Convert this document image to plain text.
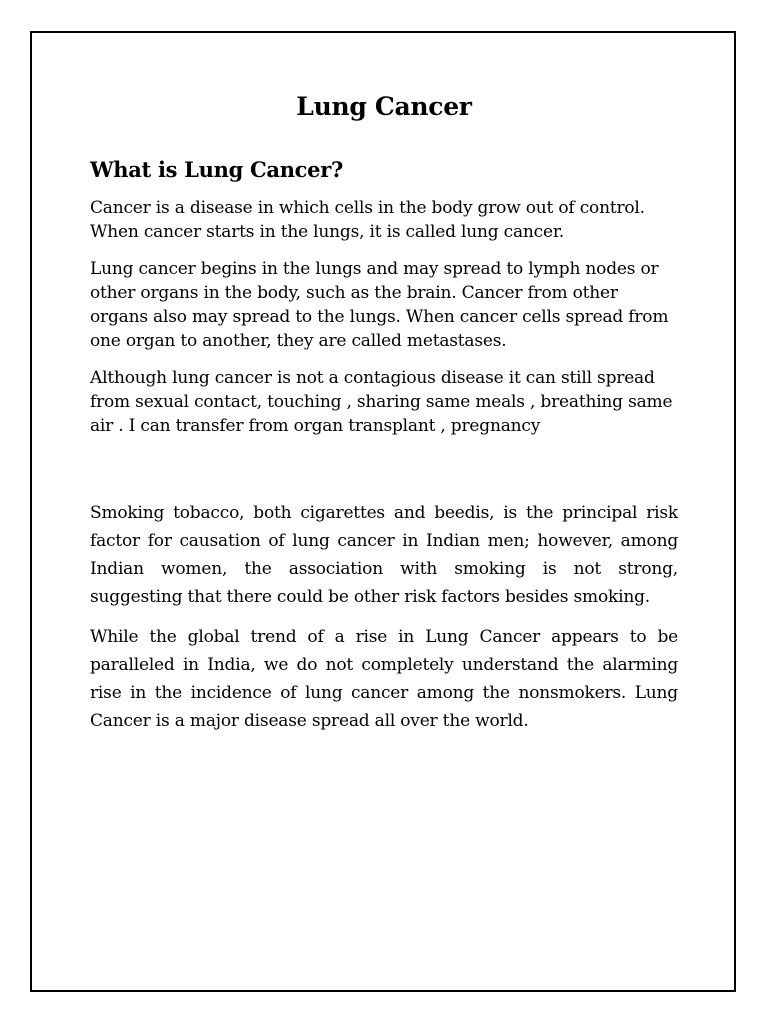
Lung Cancer
What is Lung Cancer?

Cancer is a disease in which cells in the body grow out of control. When cancer starts in the lungs, it is called lung cancer.

Lung cancer begins in the lungs and may spread to lymph nodes or other organs in the body, such as the brain. Cancer from other organs also may spread to the lungs. When cancer cells spread from one organ to another, they are called metastases.

Although lung cancer is not a contagious disease it can still spread from sexual contact, touching , sharing same meals , breathing same air . I can transfer from organ transplant , pregnancy

Smoking tobacco, both cigarettes and beedis, is the principal risk factor for causation of lung cancer in Indian men; however, among Indian women, the association with smoking is not strong, suggesting that there could be other risk factors besides smoking.

While the global trend of a rise in Lung Cancer appears to be paralleled in India, we do not completely understand the alarming rise in the incidence of lung cancer among the nonsmokers. Lung Cancer is a major disease spread all over the world.
